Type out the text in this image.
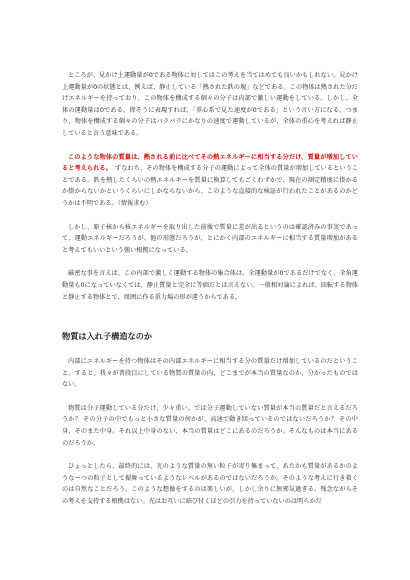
ところが、見かけ上運動量が0である物体に対してはこの考えを当てはめても良いかもしれない。見かけ上運動量が0の状態とは、例えば、静止している「熱された鉄の塊」などである。この物体は熱された分だけエネルギーを持っており、この物体を構成する個々の分子は内部で激しい運動をしている。しかし、全体の運動量は0である。偉そうに表現すれば、「重心系で見た速度が0である」という言い方になる。つまり、物体を構成する個々の分子はバラバラにかなりの速度で運動しているが、全体の重心を考えれば静止していると言う意味である。

このような物体の質量は、熱される前に比べてその熱エネルギーに相当する分だけ、質量が増加していると考えられる。　 すなわち、その物体を構成する分子の運動によって全体の質量が増加しているということである。鉄を熱したくらいの熱エネルギーを質量に換算してもごくわずかで、現在の測定精度に掛かるか掛からないかというくらいにしかならないから、このような直接的な検証が行われたことがあるのかどうかは不明である。（情報求む）

しかし、原子核から核エネルギーを取り出した前後で質量に差が出るというのは確認済みの事実であって、運動エネルギーだろうが、他の形態だろうが、とにかく内部のエネルギーに相当する質量増加があると考えてもいいという強い根拠になっている。

厳密な事を言えば、この内部で激しく運動する物体の集合体は、全運動量が0であるだけでなく、全角運動量も0になっていなくては、静止質量と完全に等価だとは言えない。一般相対論によれば、回転する物体と静止する物体とで、周囲に作る重力場の形が違うからである。

物質は入れ子構造なのか

内部にエネルギーを持つ物体はその内部エネルギーに相当する分の質量だけ増加しているのだということ。すると、我々が普段目にしている物質の質量の内、どこまでが本当の質量なのか、分かったものではない。

物質は分子運動している分だけ、少々重い。では分子運動していない質量が本当の質量だと言えるだろうか？ その分子の中でもっと小さな質量の何かが、高速で動き回っているのではないだろうか？ その中身、そのまた中身。それ以上中身のない、本当の質量はどこにあるのだろうか。そんなものは本当にあるのだろうか。

ひょっとしたら、最終的には、光のような質量の無い粒子が寄り集まって、あたかも質量があるかのようなーつの粒子として振舞っているようなレベルがあるのではないだろうか。そのような考えに行き着くのは自然なことだろう。このような想像をするのは楽しいが、しかし余りに無邪気過ぎる。残念ながらその考えを支持する根拠はない。光はお互いに結び付くほどの引力を持っていないのは明らかだ
